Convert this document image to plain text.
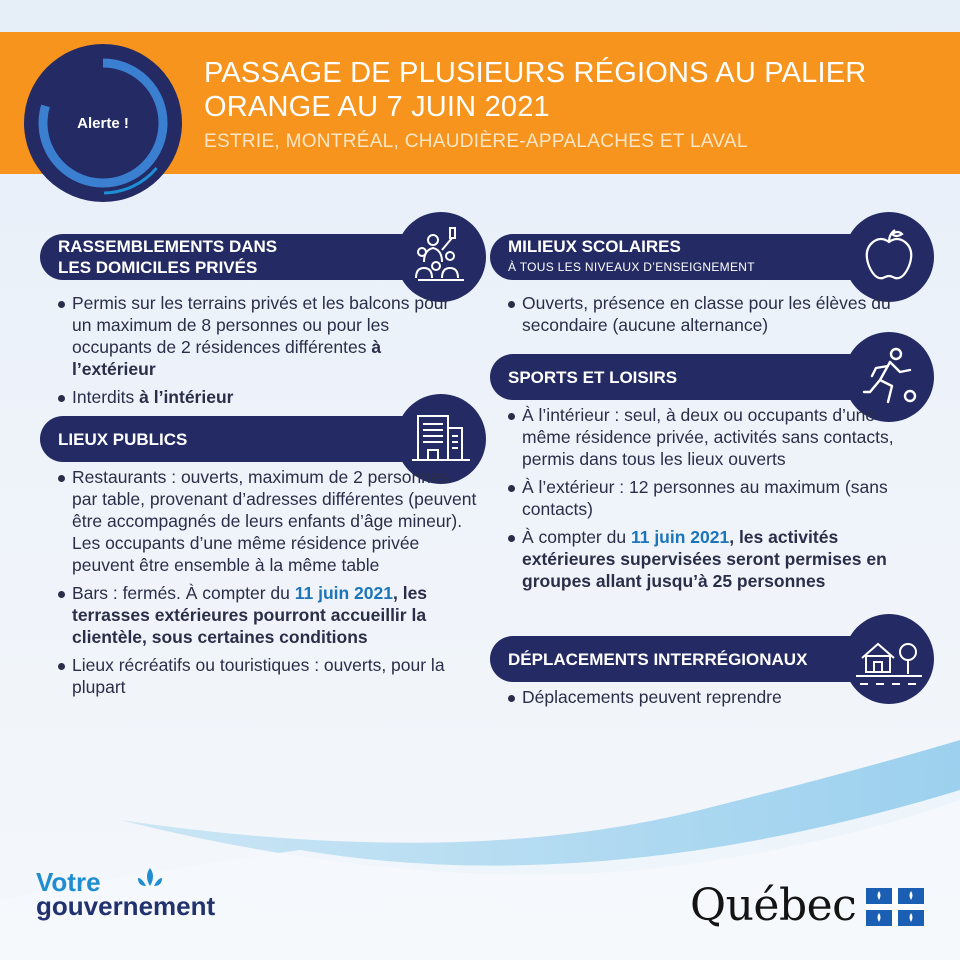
Alerte !
PASSAGE DE PLUSIEURS RÉGIONS AU PALIER
ORANGE AU 7 JUIN 2021
ESTRIE, MONTRÉAL, CHAUDIÈRE-APPALACHES ET LAVAL
RASSEMBLEMENTS DANS
LES DOMICILES PRIVÉS
Permis sur les terrains privés et les balcons pour un maximum de 8 personnes ou pour les occupants de 2 résidences différentes à l’extérieur
Interdits à l’intérieur
LIEUX PUBLICS
Restaurants : ouverts, maximum de 2 personnes par table, provenant d’adresses différentes (peuvent être accompagnés de leurs enfants d’âge mineur). Les occupants d’une même résidence privée peuvent être ensemble à la même table
Bars : fermés. À compter du 11 juin 2021, les terrasses extérieures pourront accueillir la clientèle, sous certaines conditions
Lieux récréatifs ou touristiques : ouverts, pour la plupart
MILIEUX SCOLAIRES
À TOUS LES NIVEAUX D’ENSEIGNEMENT
Ouverts, présence en classe pour les élèves du secondaire (aucune alternance)
SPORTS ET LOISIRS
À l’intérieur : seul, à deux ou occupants d’une même résidence privée, activités sans contacts, permis dans tous les lieux ouverts
À l’extérieur : 12 personnes au maximum (sans contacts)
À compter du 11 juin 2021, les activités extérieures supervisées seront permises en groupes allant jusqu’à 25 personnes
DÉPLACEMENTS INTERRÉGIONAUX
Déplacements peuvent reprendre
Votre
gouvernement	Québec
